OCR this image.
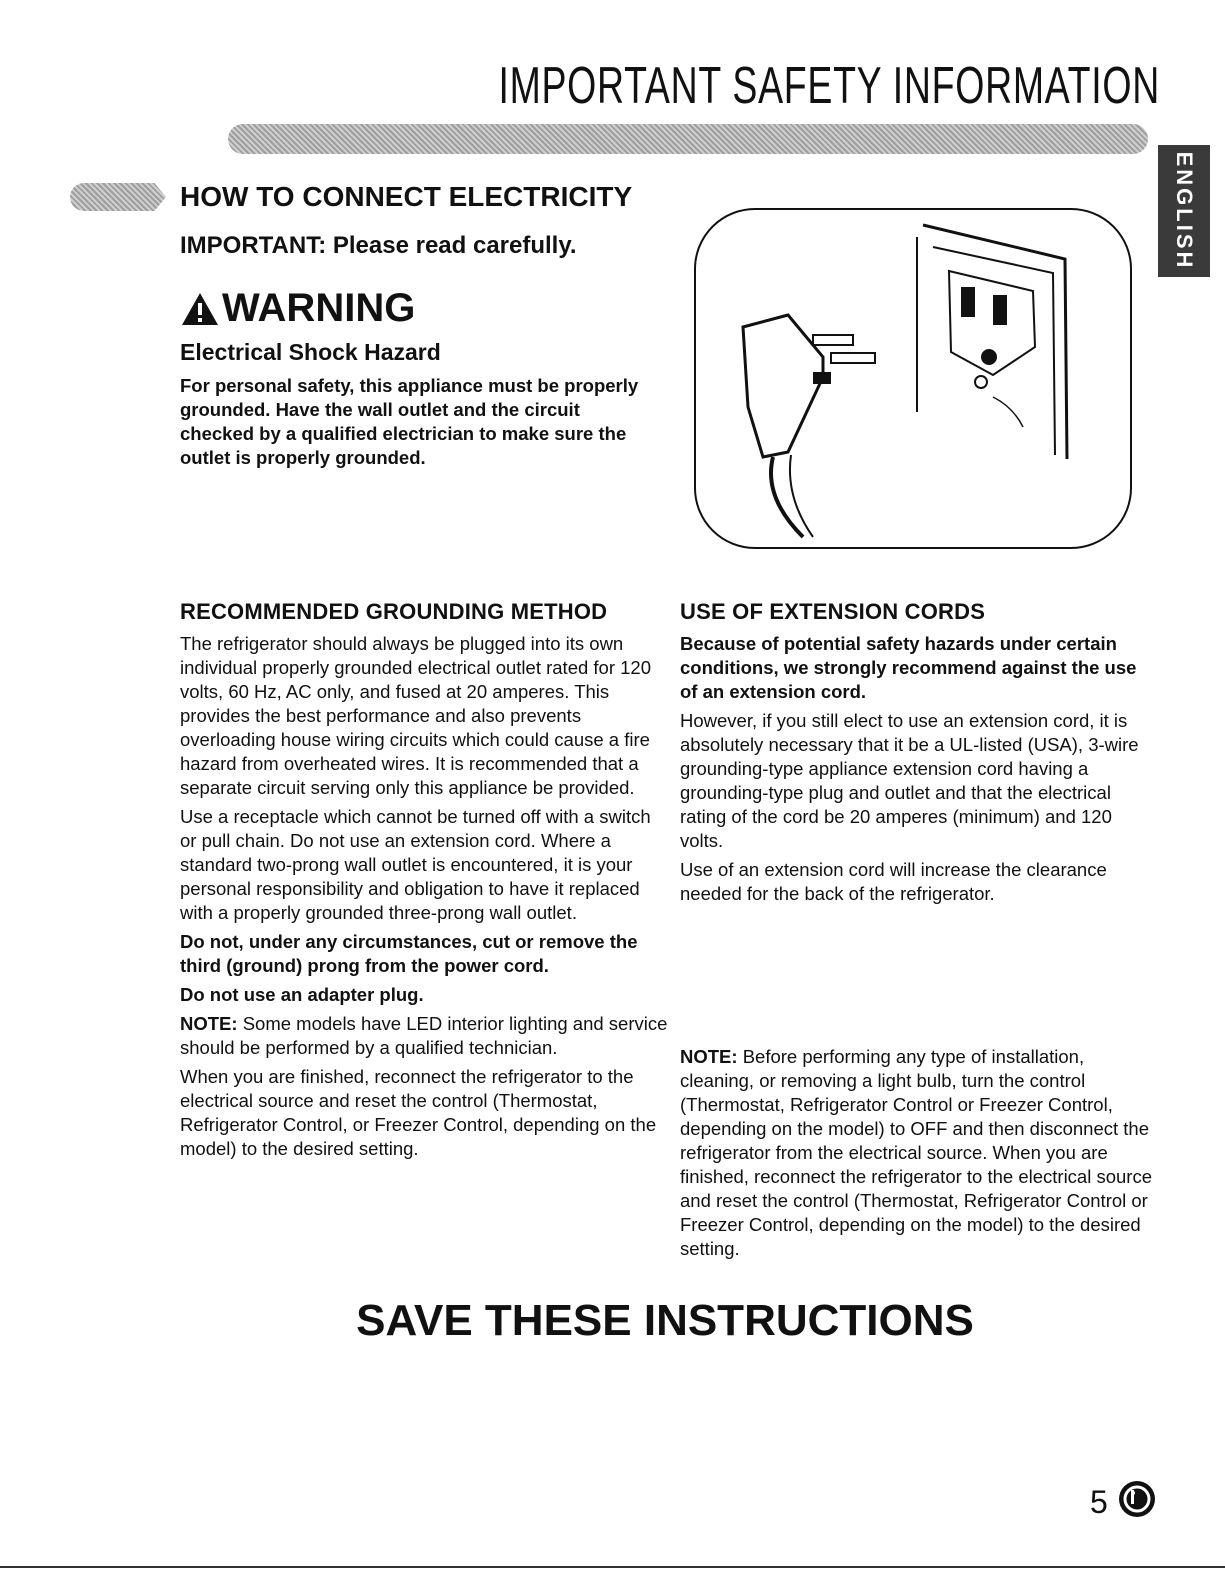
IMPORTANT SAFETY INFORMATION
ENGLISH
HOW TO CONNECT ELECTRICITY
IMPORTANT: Please read carefully.
WARNING
Electrical Shock Hazard
For personal safety, this appliance must be properly grounded. Have the wall outlet and the circuit checked by a qualified electrician to make sure the outlet is properly grounded.
RECOMMENDED GROUNDING METHOD

The refrigerator should always be plugged into its own individual properly grounded electrical outlet rated for 120 volts, 60 Hz, AC only, and fused at 20 amperes. This provides the best performance and also prevents overloading house wiring circuits which could cause a fire hazard from overheated wires. It is recommended that a separate circuit serving only this appliance be provided.

Use a receptacle which cannot be turned off with a switch or pull chain. Do not use an extension cord. Where a standard two-prong wall outlet is encountered, it is your personal responsibility and obligation to have it replaced with a properly grounded three-prong wall outlet.

Do not, under any circumstances, cut or remove the third (ground) prong from the power cord.

Do not use an adapter plug.

NOTE: Some models have LED interior lighting and service should be performed by a qualified technician.

When you are finished, reconnect the refrigerator to the electrical source and reset the control (Thermostat, Refrigerator Control, or Freezer Control, depending on the model) to the desired setting.

USE OF EXTENSION CORDS

Because of potential safety hazards under certain conditions, we strongly recommend against the use of an extension cord.

However, if you still elect to use an extension cord, it is absolutely necessary that it be a UL-listed (USA), 3-wire grounding-type appliance extension cord having a grounding-type plug and outlet and that the electrical rating of the cord be 20 amperes (minimum) and 120 volts.

Use of an extension cord will increase the clearance needed for the back of the refrigerator.

NOTE: Before performing any type of installation, cleaning, or removing a light bulb, turn the control (Thermostat, Refrigerator Control or Freezer Control, depending on the model) to OFF and then disconnect the refrigerator from the electrical source. When you are finished, reconnect the refrigerator to the electrical source and reset the control (Thermostat, Refrigerator Control or Freezer Control, depending on the model) to the desired setting.

SAVE THESE INSTRUCTIONS
5
